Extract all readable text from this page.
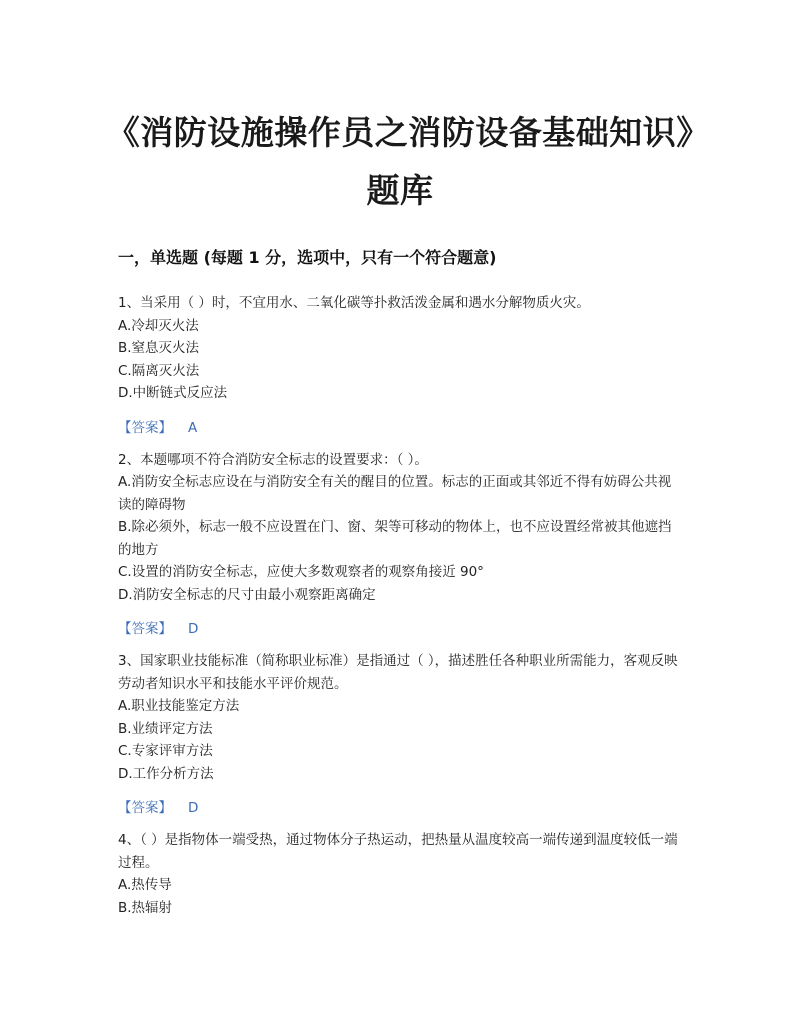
《消防设施操作员之消防设备基础知识》题库
一，单选题 (每题 1 分，选项中，只有一个符合题意)

1、当采用（ ）时，不宜用水、二氧化碳等扑救活泼金属和遇水分解物质火灾。

A.冷却灭火法

B.窒息灭火法

C.隔离灭火法

D.中断链式反应法

【答案】 A

2、本题哪项不符合消防安全标志的设置要求：（ ）。

A.消防安全标志应设在与消防安全有关的醒目的位置。标志的正面或其邻近不得有妨碍公共视读的障碍物

B.除必须外，标志一般不应设置在门、窗、架等可移动的物体上，也不应设置经常被其他遮挡的地方

C.设置的消防安全标志，应使大多数观察者的观察角接近 90°

D.消防安全标志的尺寸由最小观察距离确定

【答案】 D

3、国家职业技能标准（简称职业标准）是指通过（ ），描述胜任各种职业所需能力，客观反映劳动者知识水平和技能水平评价规范。

A.职业技能鉴定方法

B.业绩评定方法

C.专家评审方法

D.工作分析方法

【答案】 D

4、（ ）是指物体一端受热，通过物体分子热运动，把热量从温度较高一端传递到温度较低一端过程。

A.热传导

B.热辐射
